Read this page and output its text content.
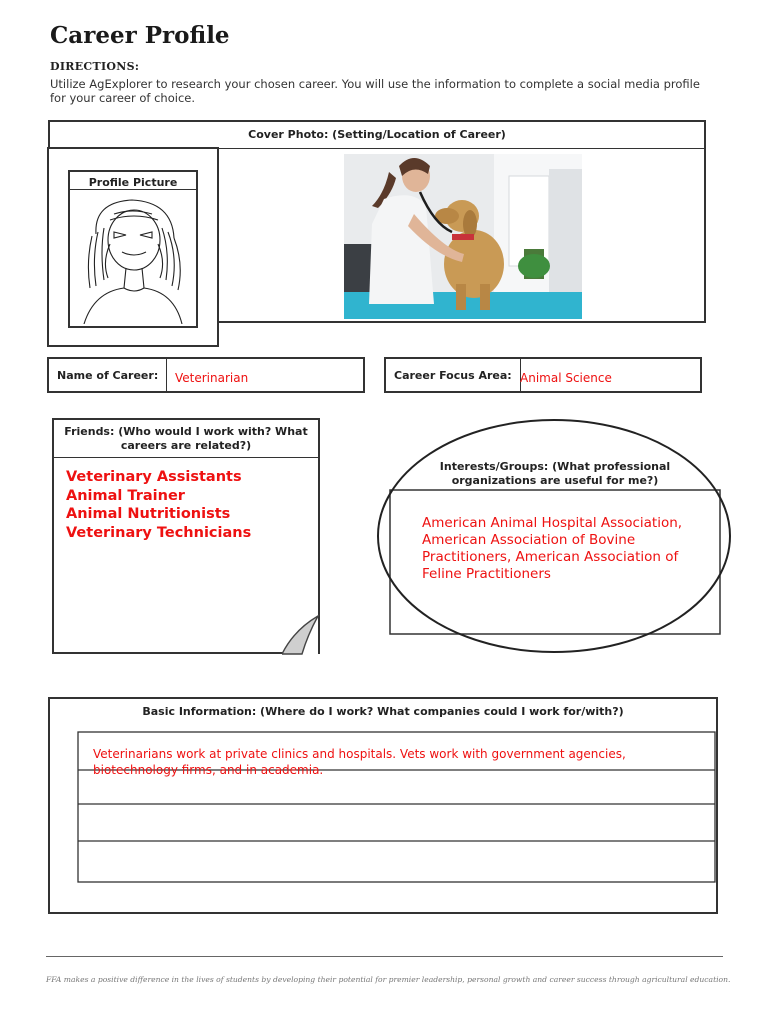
Career Profile
DIRECTIONS:
Utilize AgExplorer to research your chosen career. You will use the information to complete a social media profile for your career of choice.
Cover Photo: (Setting/Location of Career)
Profile Picture
Name of Career:	Veterinarian	Career Focus Area: Animal Science
Friends: (Who would I work with? What
careers are related?)
Veterinary Assistants
Animal Trainer
Animal Nutritionists
Veterinary Technicians
Interests/Groups: (What professional
organizations are useful for me?)
American Animal Hospital Association, American Association of Bovine Practitioners, American Association of Feline Practitioners
Basic Information: (Where do I work? What companies could I work for/with?)
Veterinarians work at private clinics and hospitals. Vets work with government agencies, biotechnology firms, and in academia.
FFA makes a positive difference in the lives of students by developing their potential for premier leadership, personal growth and career success through agricultural education.
